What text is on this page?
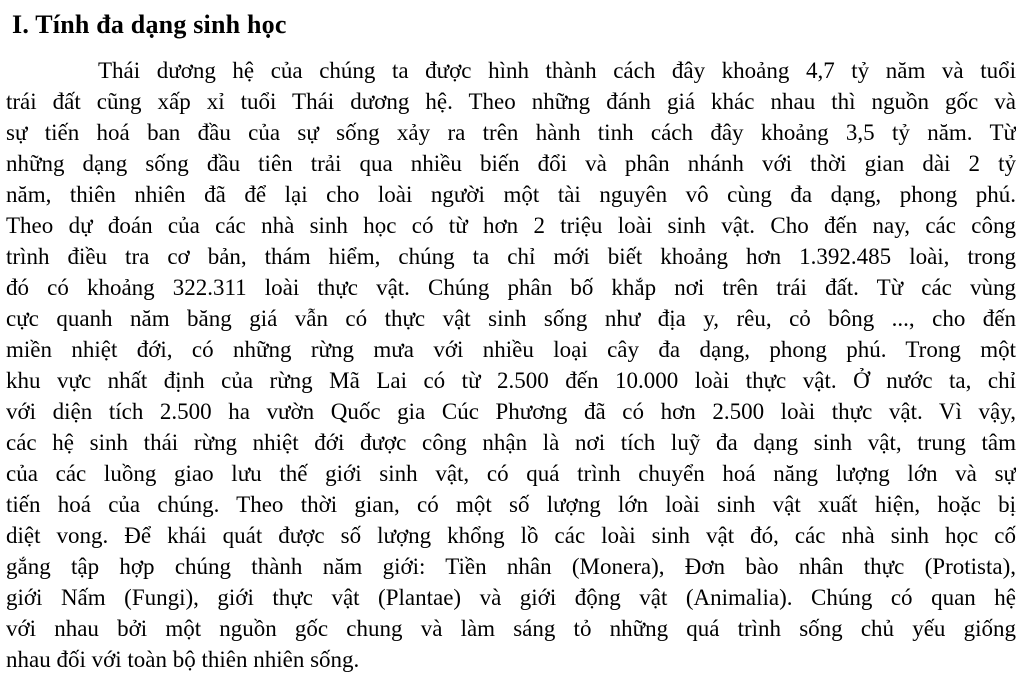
I. Tính đa dạng sinh học
Thái dương hệ của chúng ta được hình thành cách đây khoảng 4,7 tỷ năm và tuổi
trái đất cũng xấp xỉ tuổi Thái dương hệ. Theo những đánh giá khác nhau thì nguồn gốc và
sự tiến hoá ban đầu của sự sống xảy ra trên hành tinh cách đây khoảng 3,5 tỷ năm. Từ
những dạng sống đầu tiên trải qua nhiều biến đổi và phân nhánh với thời gian dài 2 tỷ
năm, thiên nhiên đã để lại cho loài người một tài nguyên vô cùng đa dạng, phong phú.
Theo dự đoán của các nhà sinh học có từ hơn 2 triệu loài sinh vật. Cho đến nay, các công
trình điều tra cơ bản, thám hiểm, chúng ta chỉ mới biết khoảng hơn 1.392.485 loài, trong
đó có khoảng 322.311 loài thực vật. Chúng phân bố khắp nơi trên trái đất. Từ các vùng
cực quanh năm băng giá vẫn có thực vật sinh sống như địa y, rêu, cỏ bông ..., cho đến
miền nhiệt đới, có những rừng mưa với nhiều loại cây đa dạng, phong phú. Trong một
khu vực nhất định của rừng Mã Lai có từ 2.500 đến 10.000 loài thực vật. Ở nước ta, chỉ
với diện tích 2.500 ha vườn Quốc gia Cúc Phương đã có hơn 2.500 loài thực vật. Vì vậy,
các hệ sinh thái rừng nhiệt đới được công nhận là nơi tích luỹ đa dạng sinh vật, trung tâm
của các luồng giao lưu thế giới sinh vật, có quá trình chuyển hoá năng lượng lớn và sự
tiến hoá của chúng. Theo thời gian, có một số lượng lớn loài sinh vật xuất hiện, hoặc bị
diệt vong. Để khái quát được số lượng khổng lồ các loài sinh vật đó, các nhà sinh học cố
gắng tập hợp chúng thành năm giới: Tiền nhân (Monera), Đơn bào nhân thực (Protista),
giới Nấm (Fungi), giới thực vật (Plantae) và giới động vật (Animalia). Chúng có quan hệ
với nhau bởi một nguồn gốc chung và làm sáng tỏ những quá trình sống chủ yếu giống
nhau đối với toàn bộ thiên nhiên sống.
